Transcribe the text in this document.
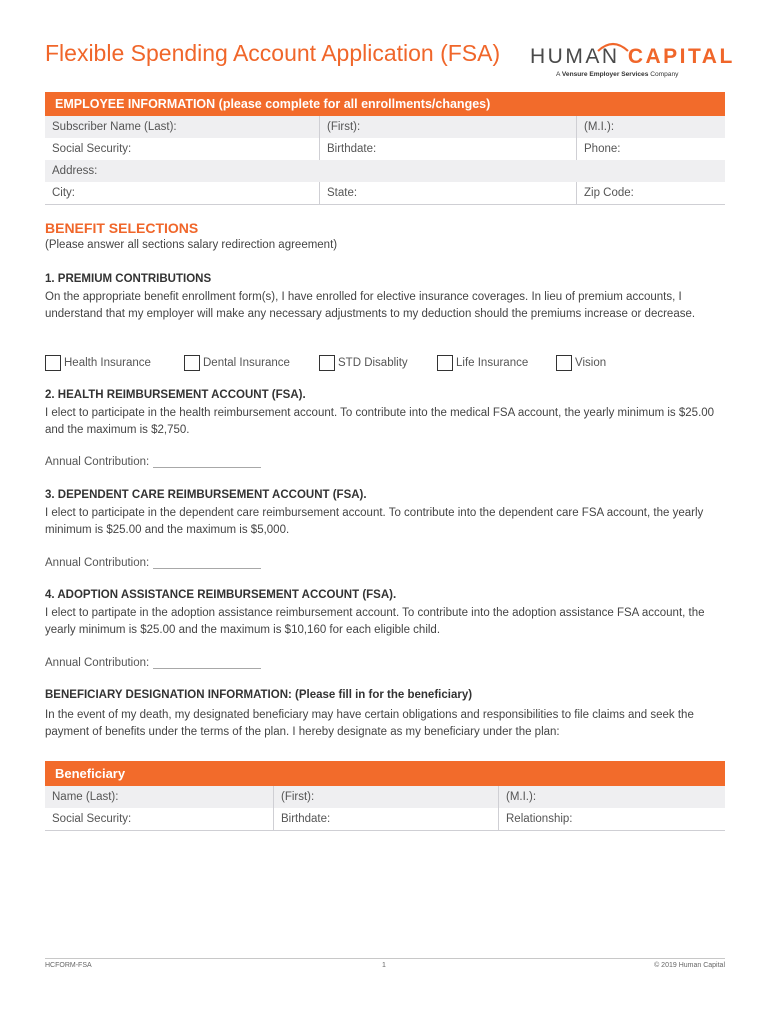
Flexible Spending Account Application (FSA) HUMAN CAPITAL
A Vensure Employer Services Company
EMPLOYEE INFORMATION (please complete for all enrollments/changes)
Subscriber Name (Last):	(First):	(M.I.):
Social Security:	Birthdate:	Phone:
Address:
City:	State:	Zip Code:
BENEFIT SELECTIONS
(Please answer all sections salary redirection agreement)
1. PREMIUM CONTRIBUTIONS
On the appropriate benefit enrollment form(s), I have enrolled for elective insurance coverages. In lieu of premium accounts, I understand that my employer will make any necessary adjustments to my deduction should the premiums increase or decrease.
Health Insurance	Dental Insurance	STD Disablity	Life Insurance	Vision
2. HEALTH REIMBURSEMENT ACCOUNT (FSA).
I elect to participate in the health reimbursement account. To contribute into the medical FSA account, the yearly minimum is $25.00 and the maximum is $2,750.
Annual Contribution:
3. DEPENDENT CARE REIMBURSEMENT ACCOUNT (FSA).
I elect to participate in the dependent care reimbursement account. To contribute into the dependent care FSA account, the yearly minimum is $25.00 and the maximum is $5,000.
Annual Contribution:
4. ADOPTION ASSISTANCE REIMBURSEMENT ACCOUNT (FSA).
I elect to partipate in the adoption assistance reimbursement account. To contribute into the adoption assistance FSA account, the yearly minimum is $25.00 and the maximum is $10,160 for each eligible child.
Annual Contribution:
BENEFICIARY DESIGNATION INFORMATION: (Please fill in for the beneficiary)
In the event of my death, my designated beneficiary may have certain obligations and responsibilities to file claims and seek the payment of benefits under the terms of the plan. I hereby designate as my beneficiary under the plan:
Beneficiary
Name (Last):	(First):	(M.I.):
Social Security:	Birthdate:	Relationship:
HCFORM-FSA	1	© 2019 Human Capital
